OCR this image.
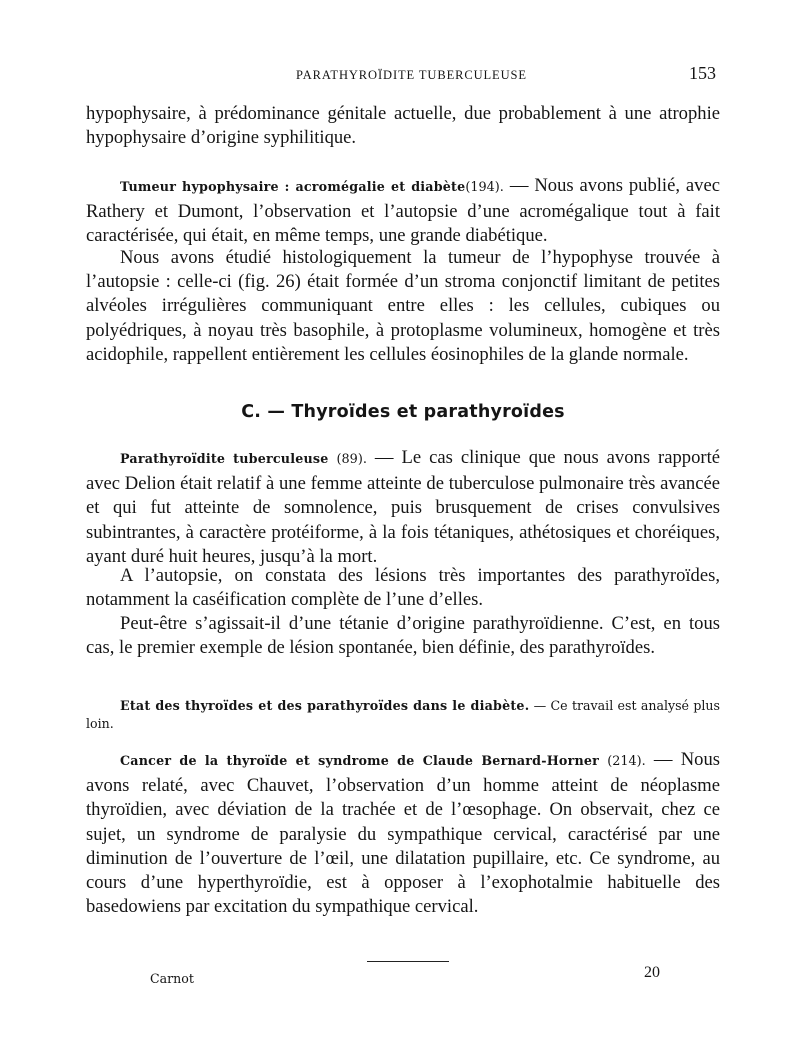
PARATHYROÏDITE TUBERCULEUSE	153

hypophysaire, à prédominance génitale actuelle, due probablement à une atrophie hypophysaire d’origine syphilitique.

Tumeur hypophysaire : acromégalie et diabète(194). — Nous avons publié, avec Rathery et Dumont, l’observation et l’autopsie d’une acromégalique tout à fait caractérisée, qui était, en même temps, une grande diabétique.

Nous avons étudié histologiquement la tumeur de l’hypophyse trouvée à l’autopsie : celle-ci (fig. 26) était formée d’un stroma conjonctif limitant de petites alvéoles irrégulières communiquant entre elles : les cellules, cubiques ou polyédriques, à noyau très basophile, à protoplasme volumineux, homogène et très acidophile, rappellent entièrement les cellules éosinophiles de la glande normale.

C. — Thyroïdes et parathyroïdes

Parathyroïdite tuberculeuse (89). — Le cas clinique que nous avons rapporté avec Delion était relatif à une femme atteinte de tuberculose pulmonaire très avancée et qui fut atteinte de somnolence, puis brusquement de crises convulsives subintrantes, à caractère protéiforme, à la fois tétaniques, athétosiques et choréiques, ayant duré huit heures, jusqu’à la mort.

A l’autopsie, on constata des lésions très importantes des parathyroïdes, notamment la caséification complète de l’une d’elles.

Peut-être s’agissait-il d’une tétanie d’origine parathyroïdienne. C’est, en tous cas, le premier exemple de lésion spontanée, bien définie, des parathyroïdes.

Etat des thyroïdes et des parathyroïdes dans le diabète. — Ce travail est analysé plus loin.

Cancer de la thyroïde et syndrome de Claude Bernard-Horner (214). — Nous avons relaté, avec Chauvet, l’observation d’un homme atteint de néoplasme thyroïdien, avec déviation de la trachée et de l’œsophage. On observait, chez ce sujet, un syndrome de paralysie du sympathique cervical, caractérisé par une diminution de l’ouverture de l’œil, une dilatation pupillaire, etc. Ce syndrome, au cours d’une hyperthyroïdie, est à opposer à l’exophotalmie habituelle des basedowiens par excitation du sympathique cervical.

Carnot	20
